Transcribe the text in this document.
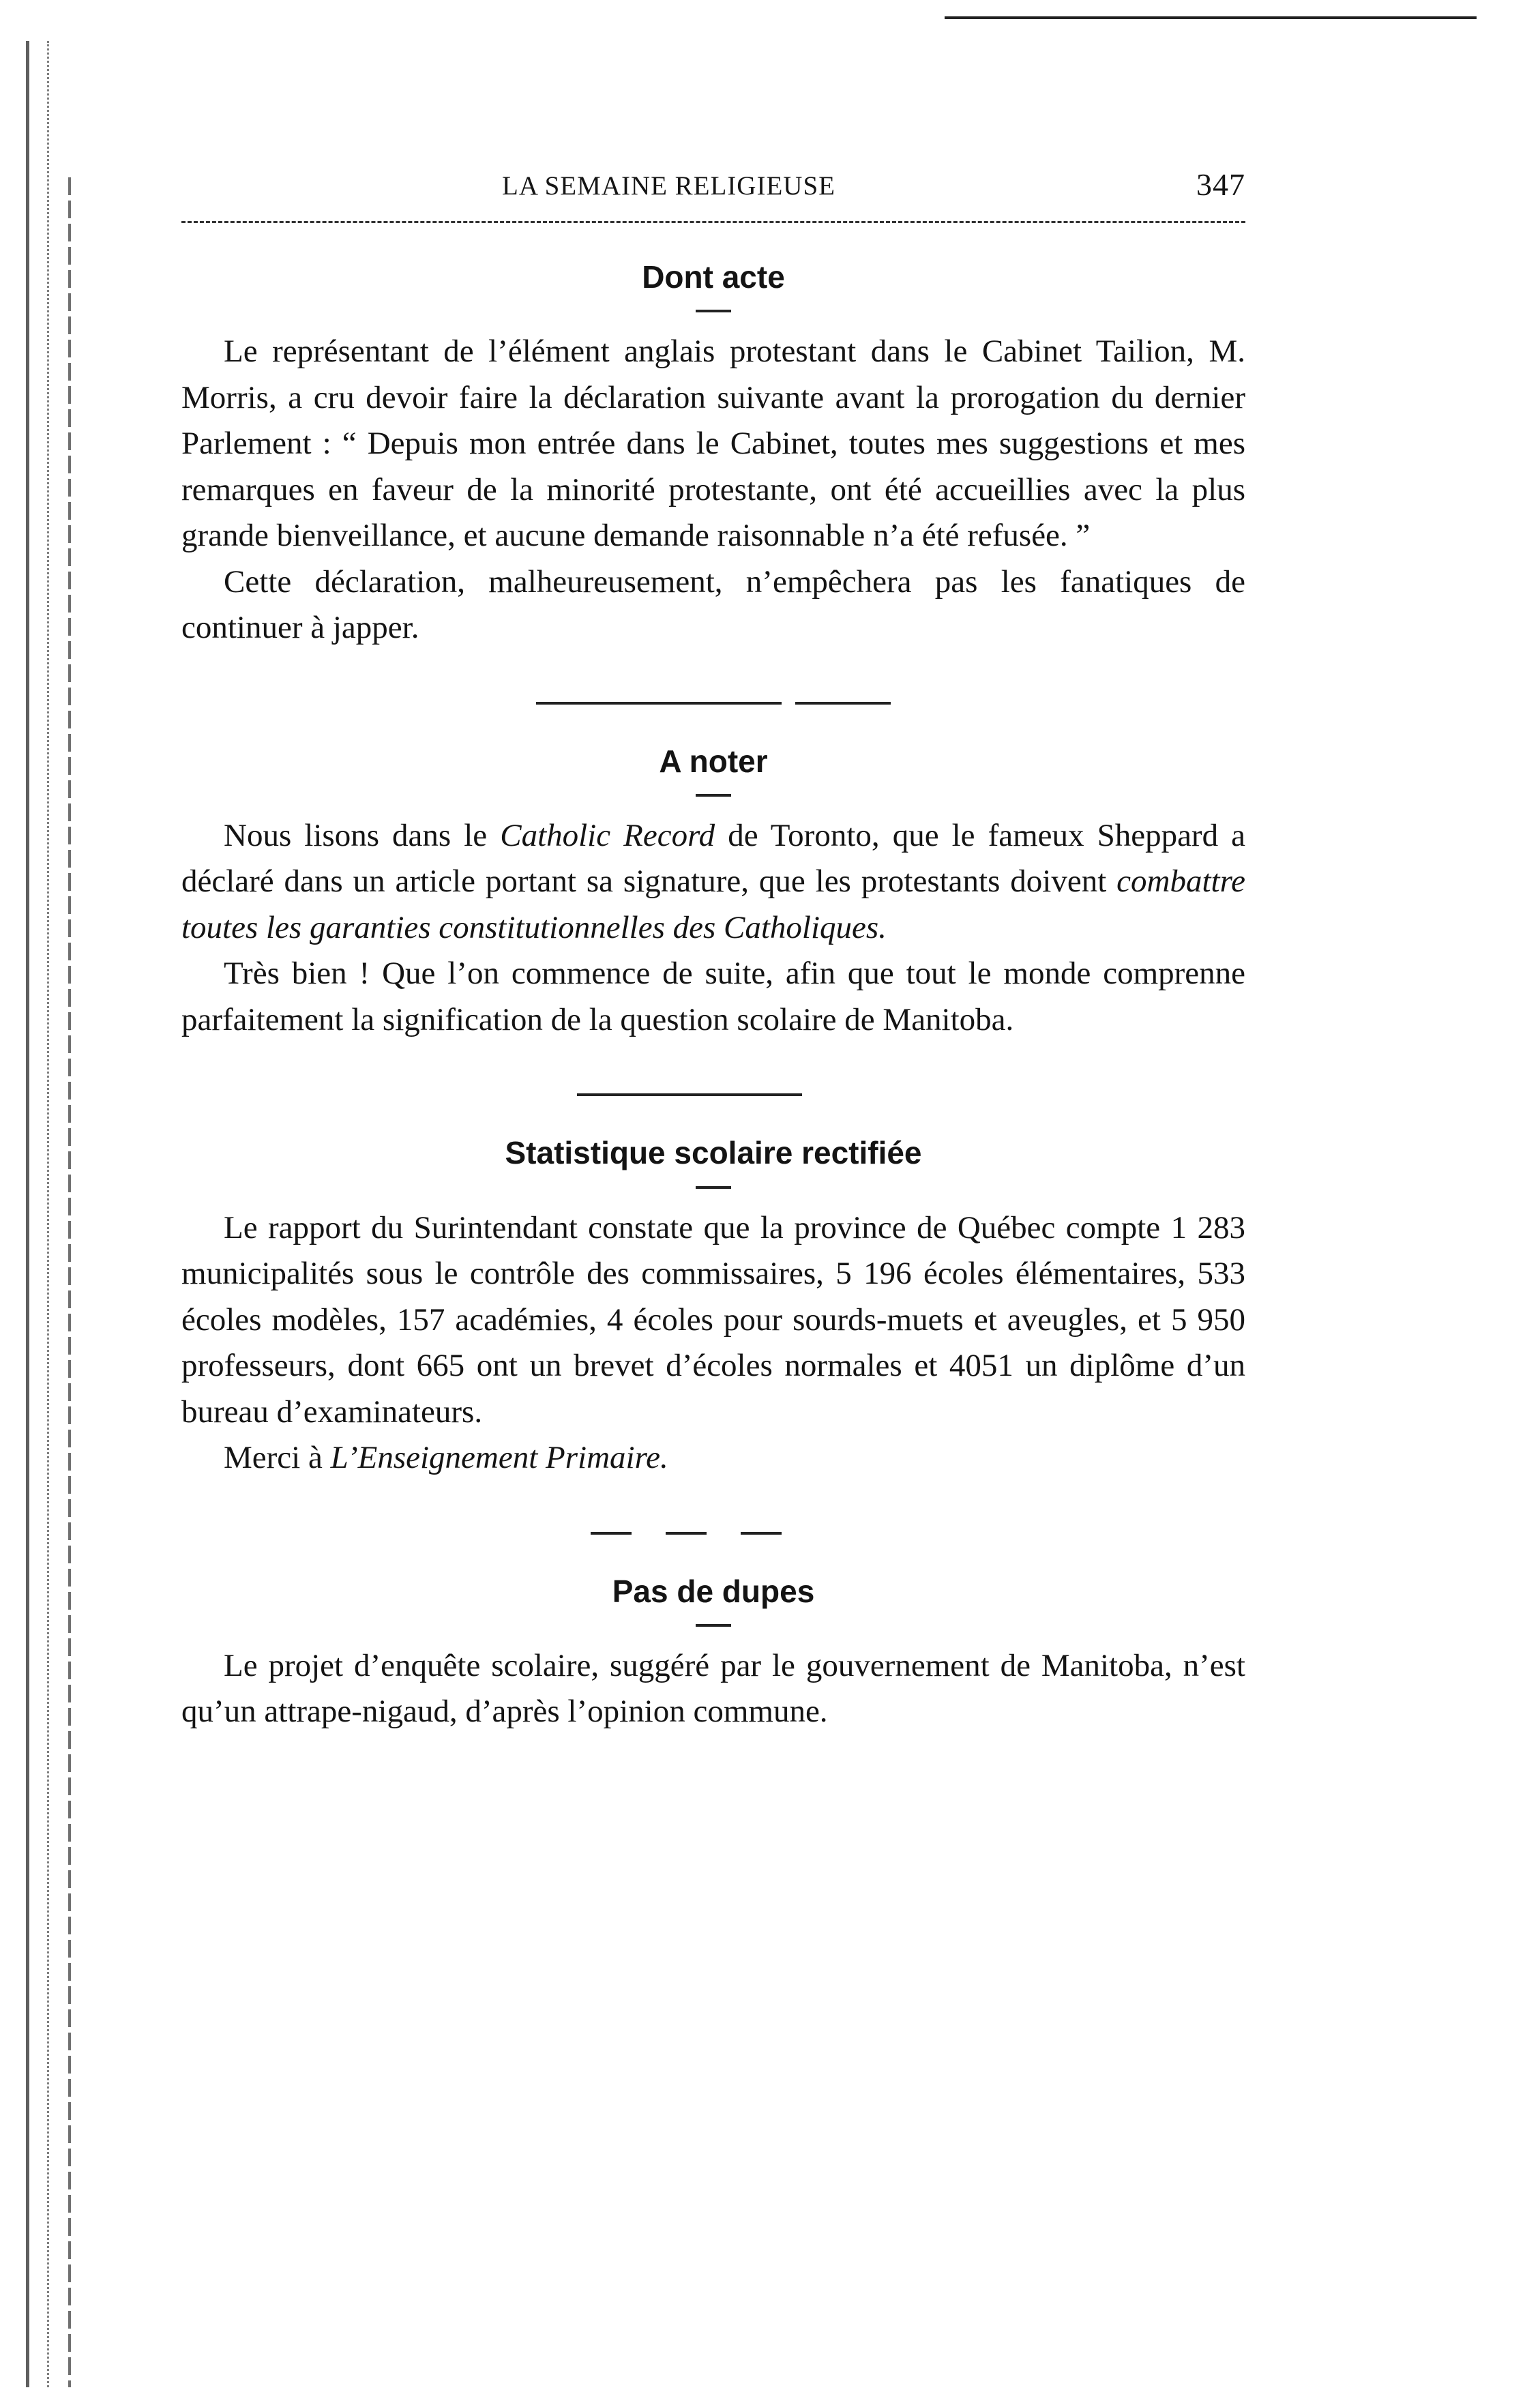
LA SEMAINE RELIGIEUSE	347
Dont acte

Le représentant de l’élément anglais protestant dans le Cabinet Tailion, M. Morris, a cru devoir faire la déclaration suivante avant la prorogation du dernier Parlement : “ Depuis mon entrée dans le Cabinet, toutes mes suggestions et mes remarques en faveur de la minorité protestante, ont été accueillies avec la plus grande bienveillance, et aucune demande raisonnable n’a été refusée. ”

Cette déclaration, malheureusement, n’empêchera pas les fanatiques de continuer à japper.

A noter

Nous lisons dans le Catholic Record de Toronto, que le fameux Sheppard a déclaré dans un article portant sa signature, que les protestants doivent combattre toutes les garanties constitutionnelles des Catholiques.

Très bien ! Que l’on commence de suite, afin que tout le monde comprenne parfaitement la signification de la question scolaire de Manitoba.

Statistique scolaire rectifiée

Le rapport du Surintendant constate que la province de Québec compte 1 283 municipalités sous le contrôle des commissaires, 5 196 écoles élémentaires, 533 écoles modèles, 157 académies, 4 écoles pour sourds-muets et aveugles, et 5 950 professeurs, dont 665 ont un brevet d’écoles normales et 4051 un diplôme d’un bureau d’examinateurs.

Merci à L’Enseignement Primaire.

Pas de dupes

Le projet d’enquête scolaire, suggéré par le gouvernement de Manitoba, n’est qu’un attrape-nigaud, d’après l’opinion commune.
